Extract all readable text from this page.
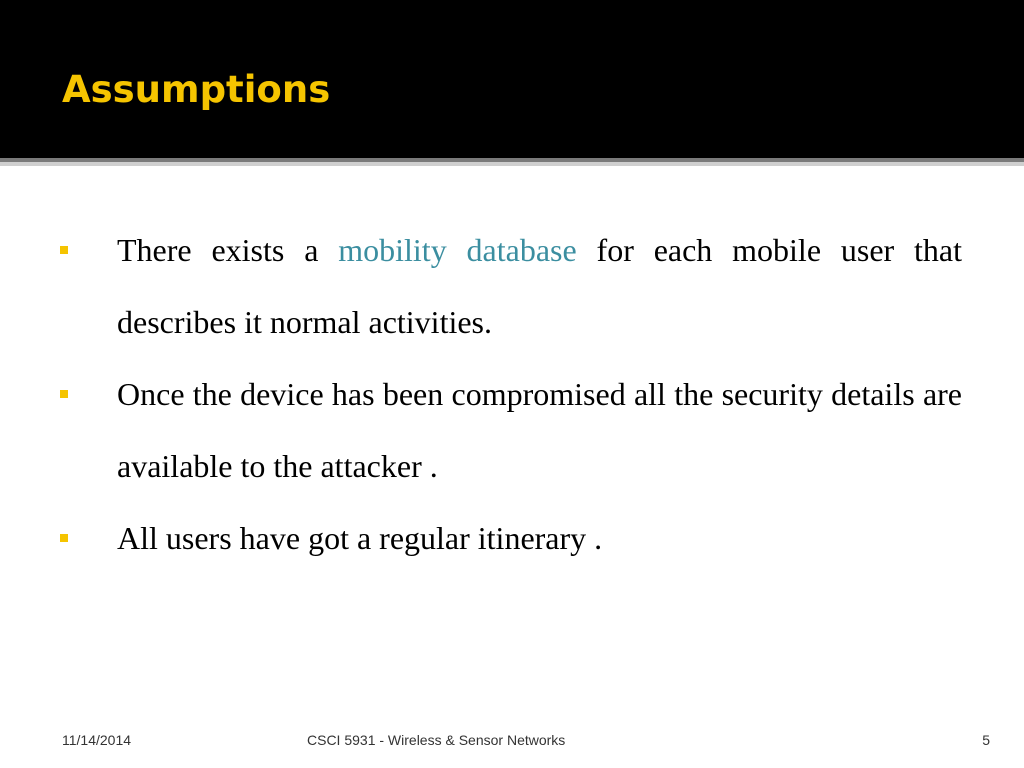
Assumptions
There exists a mobility database for each mobile user that describes it normal activities.
Once the device has been compromised all the security details are available to the attacker .
All users have got a regular itinerary .
11/14/2014	CSCI 5931 - Wireless & Sensor Networks	5
